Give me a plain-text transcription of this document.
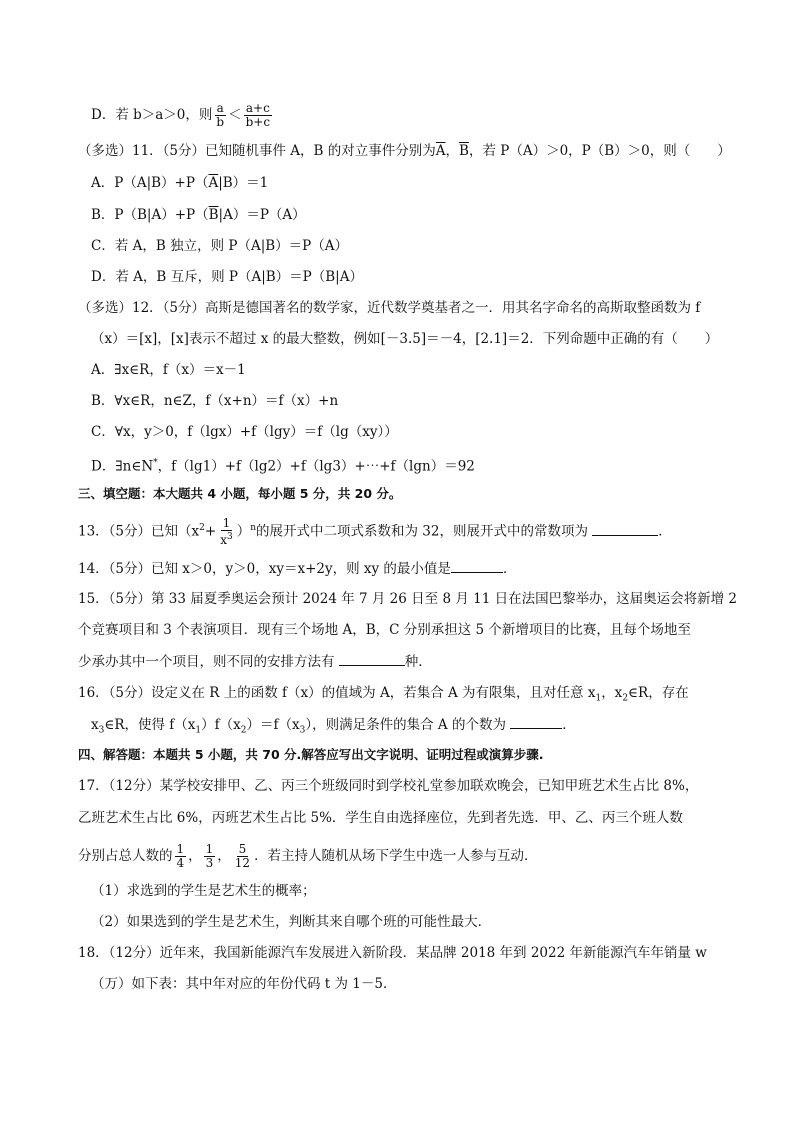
D．若 b＞a＞0，则 $\frac{a}{b} < \frac{a+c}{b+c}$
（多选）11．（5分）已知随机事件 A，B 的对立事件分别为$\overline{A}$，$\overline{B}$，若 P（A）＞0，P（B）＞0，则（　　）
A．$P(A|B)+P(\overline{A}|B)=1$
B．$P(B|A)+P(\overline{B}|A)=P(A)$
C．若 A，B 独立，则 P（A|B）＝P（A）
D．若 A，B 互斥，则 P（A|B）＝P（B|A）
（多选）12．（5分）高斯是德国著名的数学家，近代数学奠基者之一．用其名字命名的高斯取整函数为 f
（x）＝[x]，[x]表示不超过 x 的最大整数，例如[－3.5]＝－4，[2.1]＝2．下列命题中正确的有（　　）
A．∃x∈R，f（x）＝x－1
B．∀x∈R，n∈Z，f（x+n）＝f（x）+n
C．∀x，y＞0，f（lgx）+f（lgy）＝f（lg（xy））
D．∃n∈N*，f（lg1）+f（lg2）+f（lg3）+⋯+f（lgn）＝92
三、填空题：本大题共 4 小题，每小题 5 分，共 20 分。
13．（5分）已知$(x^2+ \frac{1}{x^3} )^n$的展开式中二项式系数和为 32，则展开式中的常数项为	．
14．（5分）已知 x＞0，y＞0，xy＝x+2y，则 xy 的最小值是	．
15．（5分）第 33 届夏季奥运会预计 2024 年 7 月 26 日至 8 月 11 日在法国巴黎举办，这届奥运会将新增 2
个竞赛项目和 3 个表演项目．现有三个场地 A，B，C 分别承担这 5 个新增项目的比赛，且每个场地至
少承办其中一个项目，则不同的安排方法有	种．
16．（5分）设定义在 R 上的函数 f（x）的值域为 A，若集合 A 为有限集，且对任意 $x_1$，$x_2\in R$，存在
$x_3\in R$，使得 $f(x_1)f(x_2)=f(x_3)$，则满足条件的集合 A 的个数为	．
四、解答题：本题共 5 小题，共 70 分.解答应写出文字说明、证明过程或演算步骤.
17．（12分）某学校安排甲、乙、丙三个班级同时到学校礼堂参加联欢晚会，已知甲班艺术生占比 8%，
乙班艺术生占比 6%，丙班艺术生占比 5%．学生自由选择座位，先到者先选．甲、乙、丙三个班人数
分别占总人数的 $\frac{1}{4}$ ， $\frac{1}{3}$ ， $\frac{5}{12}$ ．若主持人随机从场下学生中选一人参与互动．
（1）求选到的学生是艺术生的概率；
（2）如果选到的学生是艺术生，判断其来自哪个班的可能性最大．
18．（12分）近年来，我国新能源汽车发展进入新阶段．某品牌 2018 年到 2022 年新能源汽车年销量 w
（万）如下表：其中年对应的年份代码 t 为 1－5．
